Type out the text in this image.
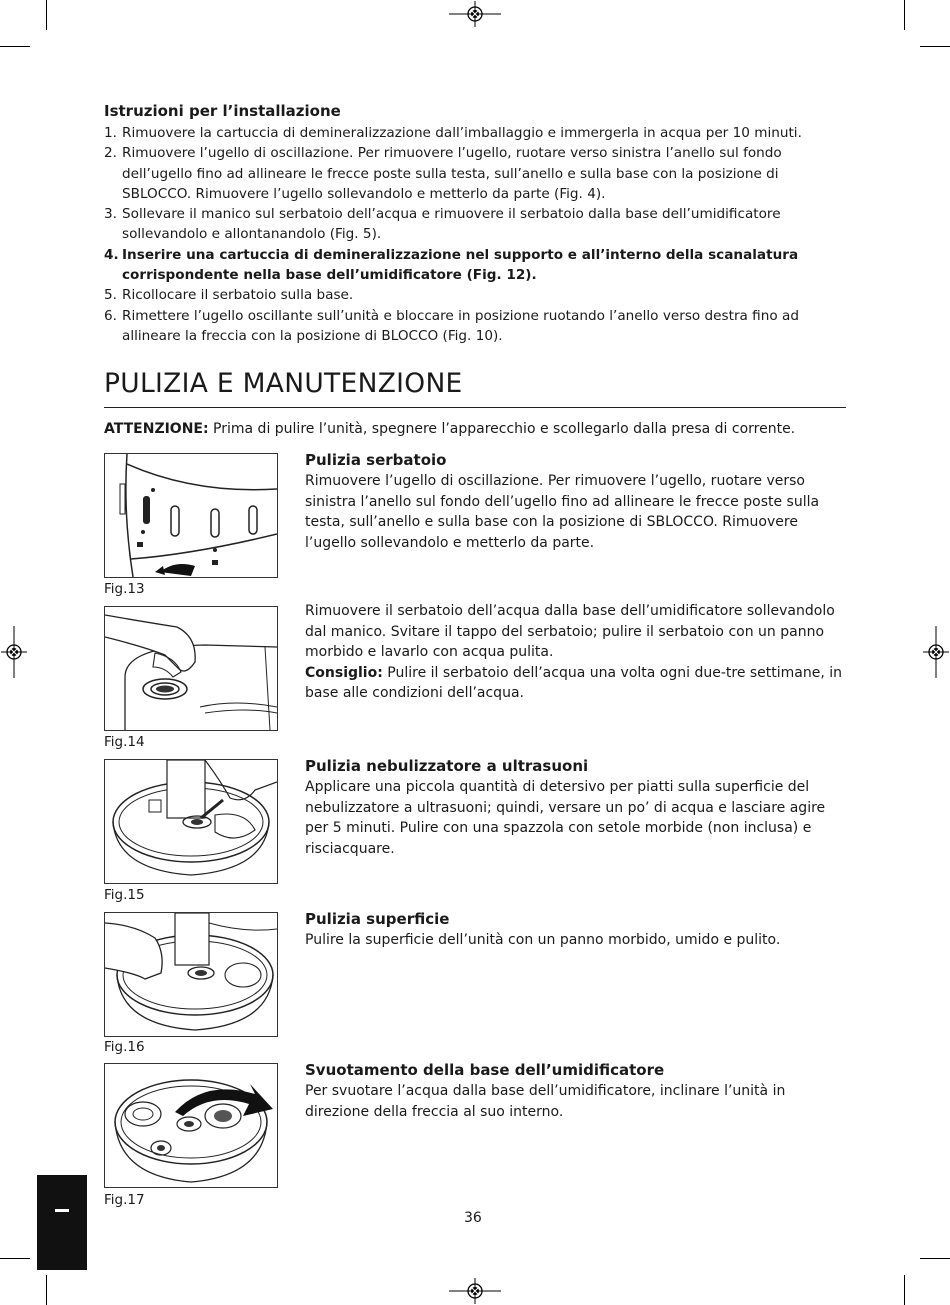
Istruzioni per l’installazione
1. Rimuovere la cartuccia di demineralizzazione dall’imballaggio e immergerla in acqua per 10 minuti.
2. Rimuovere l’ugello di oscillazione. Per rimuovere l’ugello, ruotare verso sinistra l’anello sul fondo dell’ugello fino ad allineare le frecce poste sulla testa, sull’anello e sulla base con la posizione di SBLOCCO. Rimuovere l’ugello sollevandolo e metterlo da parte (Fig. 4).
3. Sollevare il manico sul serbatoio dell’acqua e rimuovere il serbatoio dalla base dell’umidificatore sollevandolo e allontanandolo (Fig. 5).
4. Inserire una cartuccia di demineralizzazione nel supporto e all’interno della scanalatura corrispondente nella base dell’umidificatore (Fig. 12).
5. Ricollocare il serbatoio sulla base.
6. Rimettere l’ugello oscillante sull’unità e bloccare in posizione ruotando l’anello verso destra fino ad allineare la freccia con la posizione di BLOCCO (Fig. 10).
PULIZIA E MANUTENZIONE
ATTENZIONE: Prima di pulire l’unità, spegnere l’apparecchio e scollegarlo dalla presa di corrente.
Fig.13
Pulizia serbatoio

Rimuovere l’ugello di oscillazione. Per rimuovere l’ugello, ruotare verso sinistra l’anello sul fondo dell’ugello fino ad allineare le frecce poste sulla testa, sull’anello e sulla base con la posizione di SBLOCCO. Rimuovere l’ugello sollevandolo e metterlo da parte.

Fig.14

Rimuovere il serbatoio dell’acqua dalla base dell’umidificatore sollevandolo dal manico. Svitare il tappo del serbatoio; pulire il serbatoio con un panno morbido e lavarlo con acqua pulita.

Consiglio: Pulire il serbatoio dell’acqua una volta ogni due-tre settimane, in base alle condizioni dell’acqua.

Fig.15
Pulizia nebulizzatore a ultrasuoni

Applicare una piccola quantità di detersivo per piatti sulla superficie del nebulizzatore a ultrasuoni; quindi, versare un po’ di acqua e lasciare agire per 5 minuti. Pulire con una spazzola con setole morbide (non inclusa) e risciacquare.

Fig.16
Pulizia superficie

Pulire la superficie dell’unità con un panno morbido, umido e pulito.

Fig.17
Svuotamento della base dell’umidificatore

Per svuotare l’acqua dalla base dell’umidificatore, inclinare l’unità in direzione della freccia al suo interno.

36
